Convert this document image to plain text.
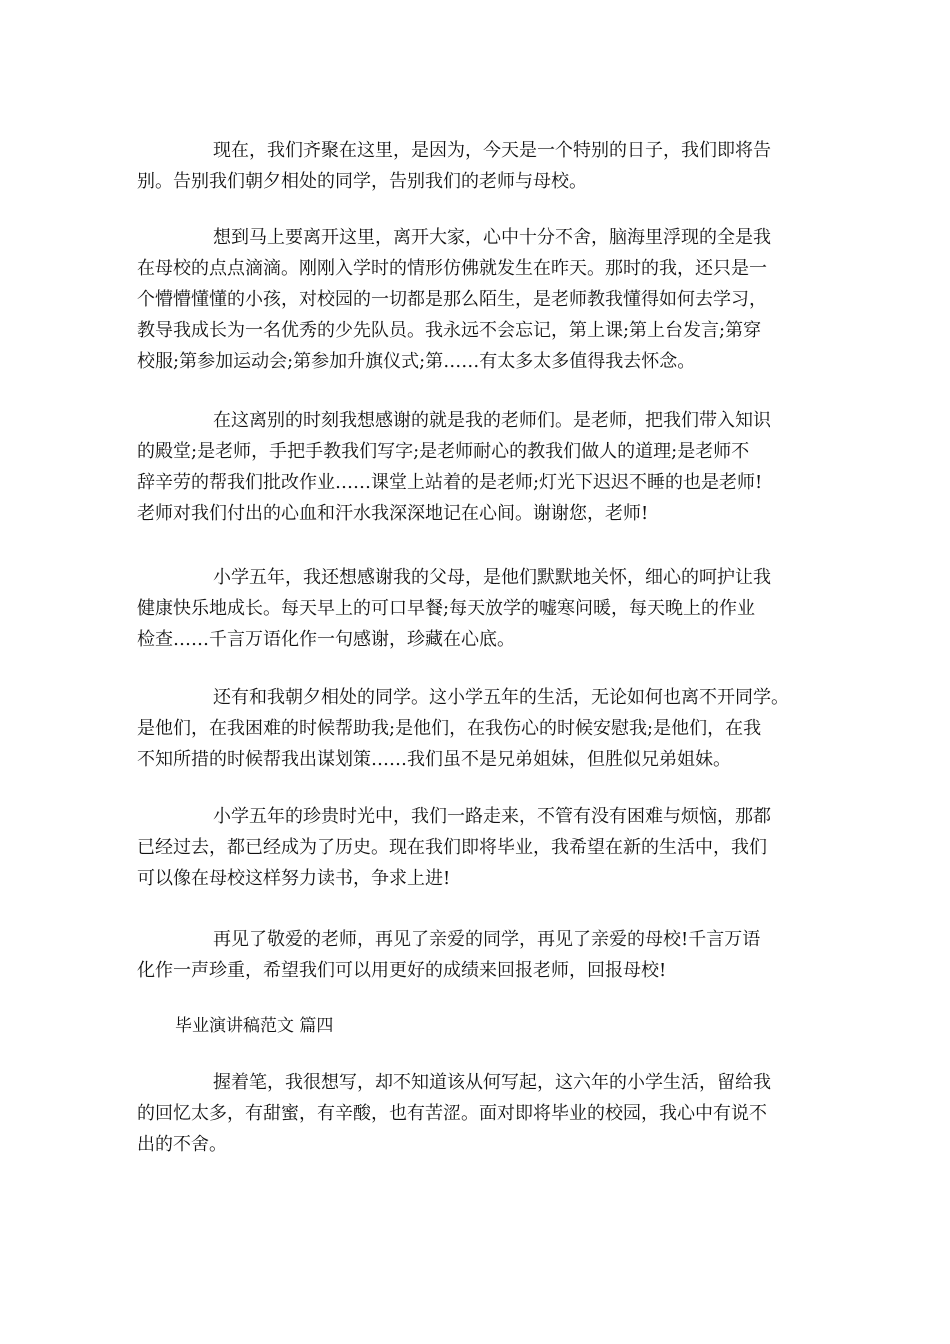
现在，我们齐聚在这里，是因为，今天是一个特别的日子，我们即将告
别。告别我们朝夕相处的同学，告别我们的老师与母校。
想到马上要离开这里，离开大家，心中十分不舍，脑海里浮现的全是我
在母校的点点滴滴。刚刚入学时的情形仿佛就发生在昨天。那时的我，还只是一
个懵懵懂懂的小孩，对校园的一切都是那么陌生，是老师教我懂得如何去学习，
教导我成长为一名优秀的少先队员。我永远不会忘记，第上课;第上台发言;第穿
校服;第参加运动会;第参加升旗仪式;第……有太多太多值得我去怀念。
在这离别的时刻我想感谢的就是我的老师们。是老师，把我们带入知识
的殿堂;是老师，手把手教我们写字;是老师耐心的教我们做人的道理;是老师不
辞辛劳的帮我们批改作业……课堂上站着的是老师;灯光下迟迟不睡的也是老师!
老师对我们付出的心血和汗水我深深地记在心间。谢谢您，老师!
小学五年，我还想感谢我的父母，是他们默默地关怀，细心的呵护让我
健康快乐地成长。每天早上的可口早餐;每天放学的嘘寒问暖，每天晚上的作业
检查……千言万语化作一句感谢，珍藏在心底。
还有和我朝夕相处的同学。这小学五年的生活，无论如何也离不开同学。
是他们，在我困难的时候帮助我;是他们，在我伤心的时候安慰我;是他们，在我
不知所措的时候帮我出谋划策……我们虽不是兄弟姐妹，但胜似兄弟姐妹。
小学五年的珍贵时光中，我们一路走来，不管有没有困难与烦恼，那都
已经过去，都已经成为了历史。现在我们即将毕业，我希望在新的生活中，我们
可以像在母校这样努力读书，争求上进!
再见了敬爱的老师，再见了亲爱的同学，再见了亲爱的母校!千言万语
化作一声珍重，希望我们可以用更好的成绩来回报老师，回报母校!
毕业演讲稿范文 篇四
握着笔，我很想写，却不知道该从何写起，这六年的小学生活，留给我
的回忆太多，有甜蜜，有辛酸，也有苦涩。面对即将毕业的校园，我心中有说不
出的不舍。
